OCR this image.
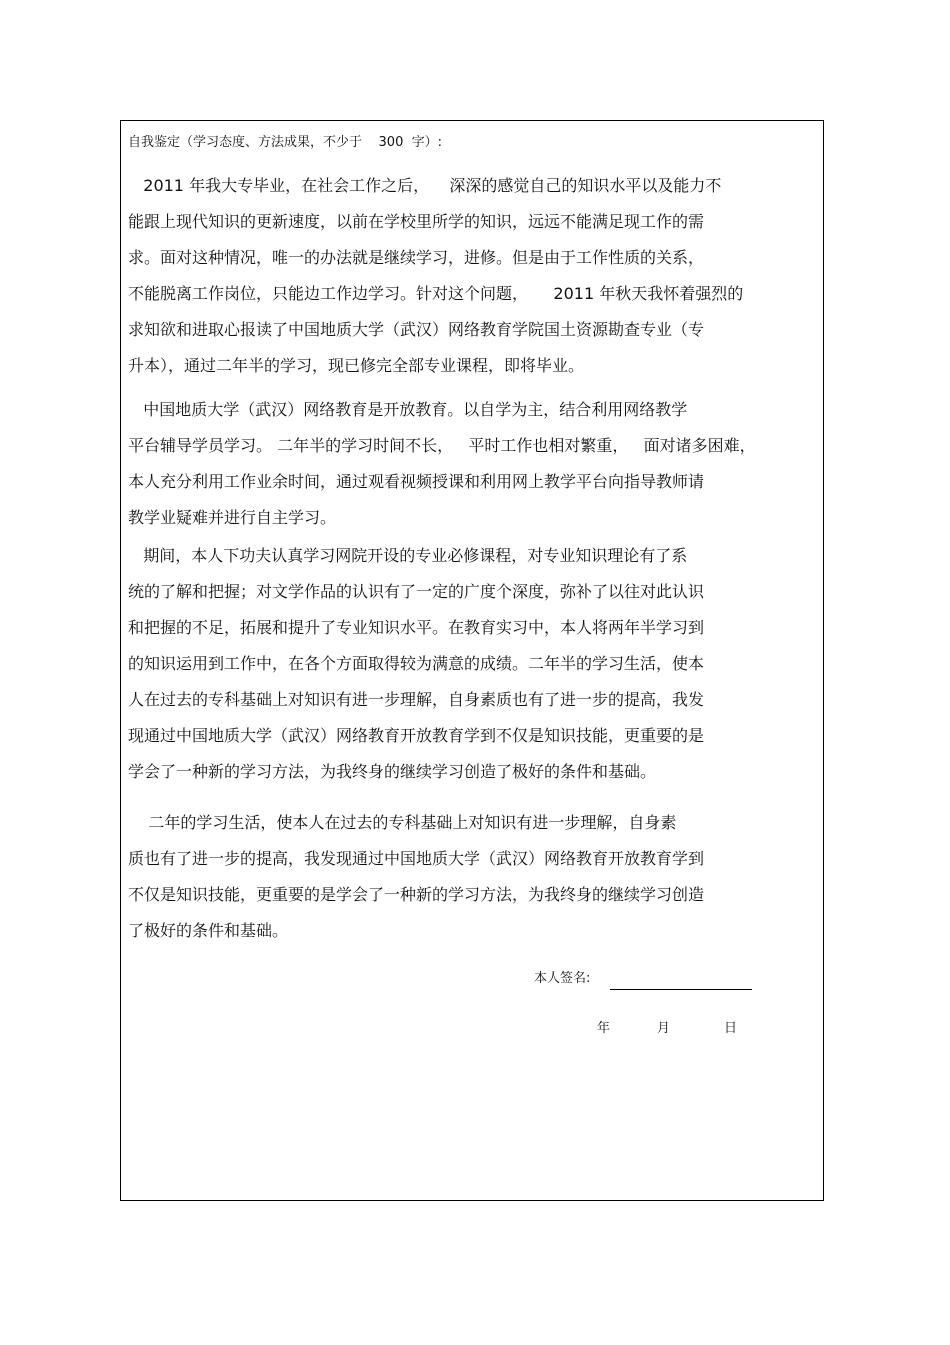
自我鉴定（学习态度、方法成果，不少于    300  字）:
2011 年我大专毕业，在社会工作之后，    深深的感觉自己的知识水平以及能力不
能跟上现代知识的更新速度，以前在学校里所学的知识，远远不能满足现工作的需
求。面对这种情况，唯一的办法就是继续学习，进修。但是由于工作性质的关系，
不能脱离工作岗位，只能边工作边学习。针对这个问题，     2011 年秋天我怀着强烈的
求知欲和进取心报读了中国地质大学（武汉）网络教育学院国土资源勘查专业（专
升本），通过二年半的学习，现已修完全部专业课程，即将毕业。
中国地质大学（武汉）网络教育是开放教育。以自学为主，结合利用网络教学
平台辅导学员学习。 二年半的学习时间不长，   平时工作也相对繁重，   面对诸多困难，
本人充分利用工作业余时间，通过观看视频授课和利用网上教学平台向指导教师请
教学业疑难并进行自主学习。
期间，本人下功夫认真学习网院开设的专业必修课程，对专业知识理论有了系
统的了解和把握；对文学作品的认识有了一定的广度个深度，弥补了以往对此认识
和把握的不足，拓展和提升了专业知识水平。在教育实习中，本人将两年半学习到
的知识运用到工作中，在各个方面取得较为满意的成绩。二年半的学习生活，使本
人在过去的专科基础上对知识有进一步理解，自身素质也有了进一步的提高，我发
现通过中国地质大学（武汉）网络教育开放教育学到不仅是知识技能，更重要的是
学会了一种新的学习方法，为我终身的继续学习创造了极好的条件和基础。
二年的学习生活，使本人在过去的专科基础上对知识有进一步理解，自身素
质也有了进一步的提高，我发现通过中国地质大学（武汉）网络教育开放教育学到
不仅是知识技能，更重要的是学会了一种新的学习方法，为我终身的继续学习创造
了极好的条件和基础。
本人签名:
年	月	日
